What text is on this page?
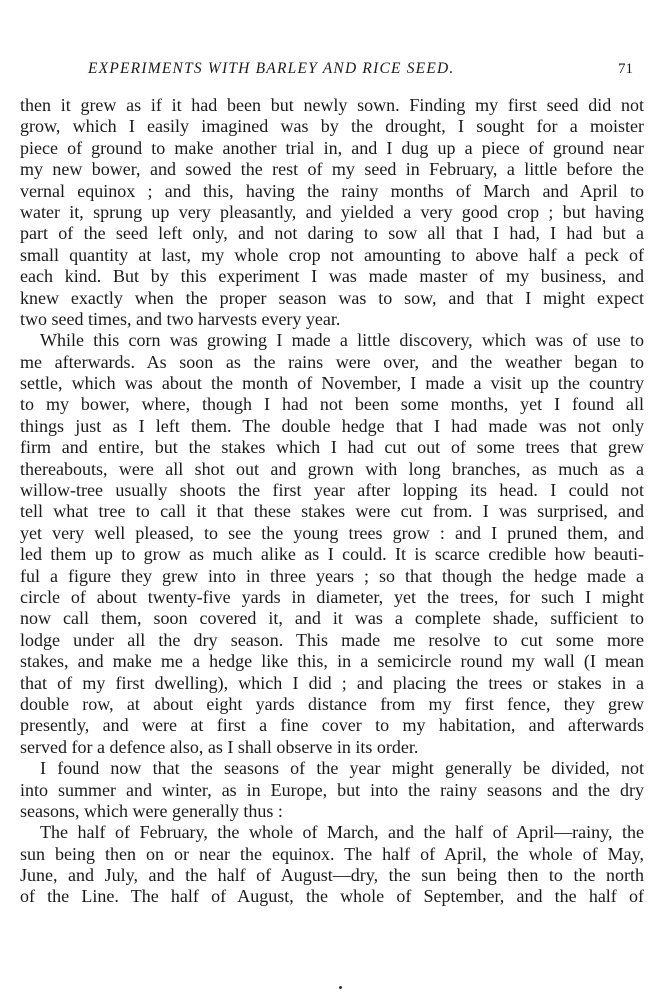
EXPERIMENTS WITH BARLEY AND RICE SEED.	71
then it grew as if it had been but newly sown. Finding my first seed did not
grow, which I easily imagined was by the drought, I sought for a moister
piece of ground to make another trial in, and I dug up a piece of ground near
my new bower, and sowed the rest of my seed in February, a little before the
vernal equinox ; and this, having the rainy months of March and April to
water it, sprung up very pleasantly, and yielded a very good crop ; but having
part of the seed left only, and not daring to sow all that I had, I had but a
small quantity at last, my whole crop not amounting to above half a peck of
each kind. But by this experiment I was made master of my business, and
knew exactly when the proper season was to sow, and that I might expect
two seed times, and two harvests every year.
While this corn was growing I made a little discovery, which was of use to
me afterwards. As soon as the rains were over, and the weather began to
settle, which was about the month of November, I made a visit up the country
to my bower, where, though I had not been some months, yet I found all
things just as I left them. The double hedge that I had made was not only
firm and entire, but the stakes which I had cut out of some trees that grew
thereabouts, were all shot out and grown with long branches, as much as a
willow-tree usually shoots the first year after lopping its head. I could not
tell what tree to call it that these stakes were cut from. I was surprised, and
yet very well pleased, to see the young trees grow : and I pruned them, and
led them up to grow as much alike as I could. It is scarce credible how beauti-
ful a figure they grew into in three years ; so that though the hedge made a
circle of about twenty-five yards in diameter, yet the trees, for such I might
now call them, soon covered it, and it was a complete shade, sufficient to
lodge under all the dry season. This made me resolve to cut some more
stakes, and make me a hedge like this, in a semicircle round my wall (I mean
that of my first dwelling), which I did ; and placing the trees or stakes in a
double row, at about eight yards distance from my first fence, they grew
presently, and were at first a fine cover to my habitation, and afterwards
served for a defence also, as I shall observe in its order.
I found now that the seasons of the year might generally be divided, not
into summer and winter, as in Europe, but into the rainy seasons and the dry
seasons, which were generally thus :
The half of February, the whole of March, and the half of April—rainy, the
sun being then on or near the equinox. The half of April, the whole of May,
June, and July, and the half of August—dry, the sun being then to the north
of the Line. The half of August, the whole of September, and the half of
